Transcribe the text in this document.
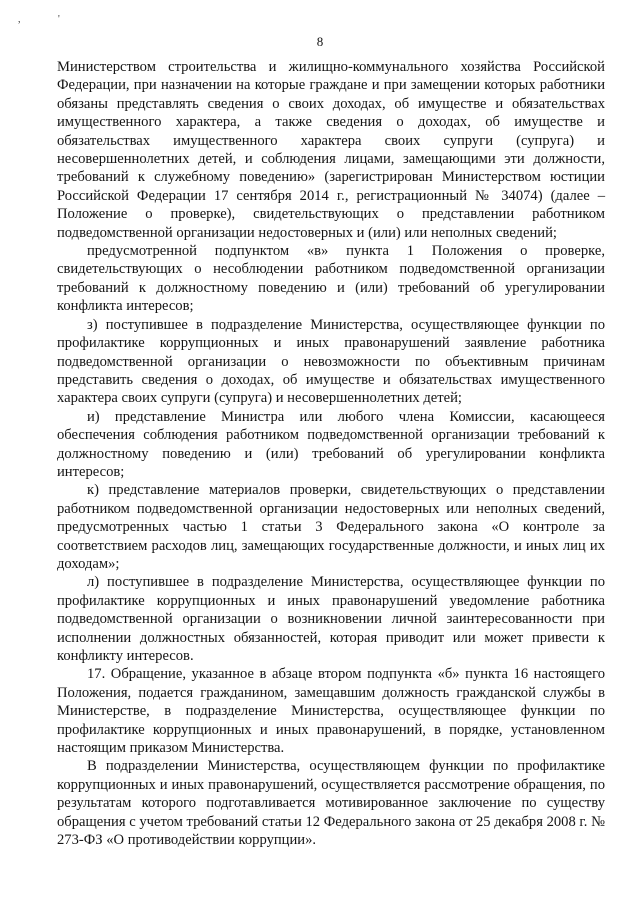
,	'
8

Министерством строительства и жилищно-коммунального хозяйства Российской Федерации, при назначении на которые граждане и при замещении которых работники обязаны представлять сведения о своих доходах, об имуществе и обязательствах имущественного характера, а также сведения о доходах, об имуществе и обязательствах имущественного характера своих супруги (супруга) и несовершеннолетних детей, и соблюдения лицами, замещающими эти должности, требований к служебному поведению» (зарегистрирован Министерством юстиции Российской Федерации 17 сентября 2014 г., регистрационный № 34074) (далее – Положение о проверке), свидетельствующих о представлении работником подведомственной организации недостоверных и (или) или неполных сведений;

предусмотренной подпунктом «в» пункта 1 Положения о проверке, свидетельствующих о несоблюдении работником подведомственной организации требований к должностному поведению и (или) требований об урегулировании конфликта интересов;

з) поступившее в подразделение Министерства, осуществляющее функции по профилактике коррупционных и иных правонарушений заявление работника подведомственной организации о невозможности по объективным причинам представить сведения о доходах, об имуществе и обязательствах имущественного характера своих супруги (супруга) и несовершеннолетних детей;

и) представление Министра или любого члена Комиссии, касающееся обеспечения соблюдения работником подведомственной организации требований к должностному поведению и (или) требований об урегулировании конфликта интересов;

к) представление материалов проверки, свидетельствующих о представлении работником подведомственной организации недостоверных или неполных сведений, предусмотренных частью 1 статьи 3 Федерального закона «О контроле за соответствием расходов лиц, замещающих государственные должности, и иных лиц их доходам»;

л) поступившее в подразделение Министерства, осуществляющее функции по профилактике коррупционных и иных правонарушений уведомление работника подведомственной организации о возникновении личной заинтересованности при исполнении должностных обязанностей, которая приводит или может привести к конфликту интересов.

17. Обращение, указанное в абзаце втором подпункта «б» пункта 16 настоящего Положения, подается гражданином, замещавшим должность гражданской службы в Министерстве, в подразделение Министерства, осуществляющее функции по профилактике коррупционных и иных правонарушений, в порядке, установленном настоящим приказом Министерства.

В подразделении Министерства, осуществляющем функции по профилактике коррупционных и иных правонарушений, осуществляется рассмотрение обращения, по результатам которого подготавливается мотивированное заключение по существу обращения с учетом требований статьи 12 Федерального закона от 25 декабря 2008 г. № 273-ФЗ «О противодействии коррупции».
